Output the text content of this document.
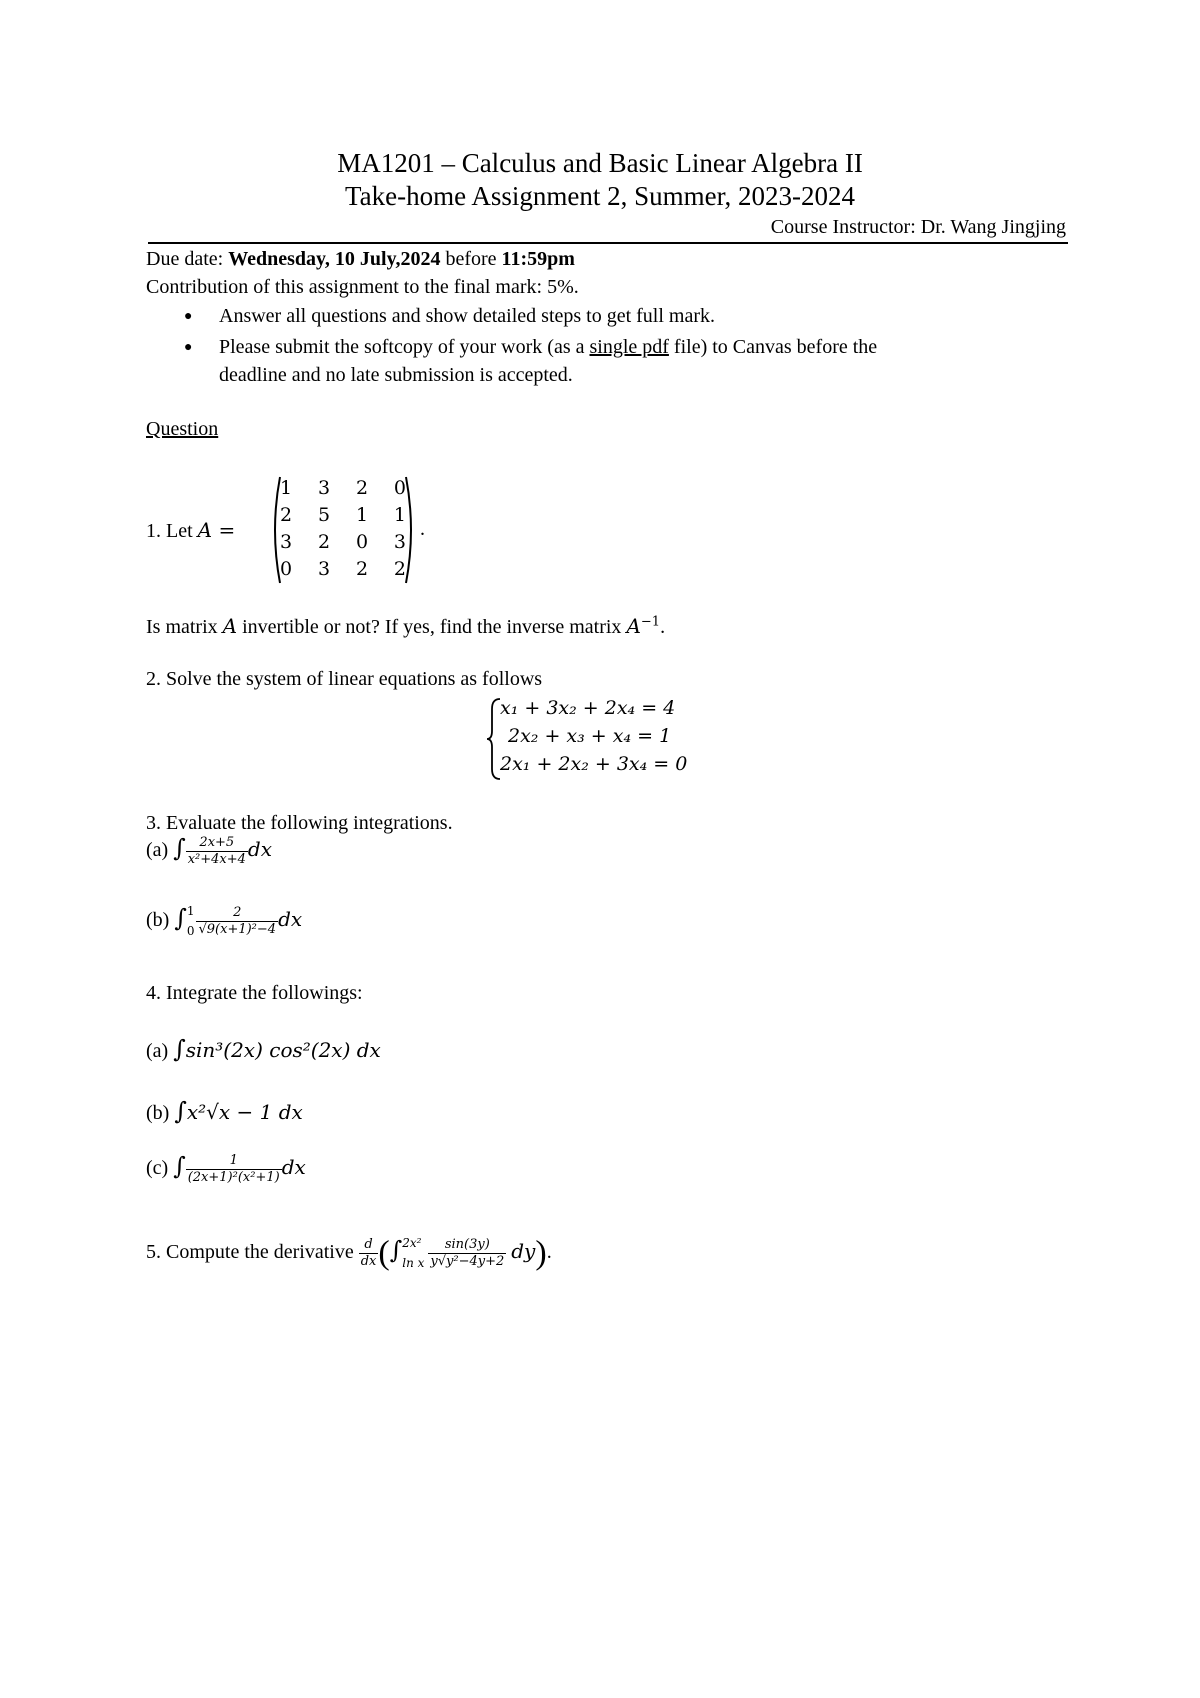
MA1201 – Calculus and Basic Linear Algebra II
Take-home Assignment 2, Summer, 2023-2024
Course Instructor: Dr. Wang Jingjing
Due date: Wednesday, 10 July,2024 before 11:59pm
Contribution of this assignment to the final mark: 5%.
● Answer all questions and show detailed steps to get full mark.
● Please submit the softcopy of your work (as a single pdf file) to Canvas before the
deadline and no late submission is accepted.
Question
1. Let A =
1 3 2 0
2 5 1 1
3 2 0 3
0 3 2 2
.
Is matrix A invertible or not? If yes, find the inverse matrix $A^{-1}$.
2. Solve the system of linear equations as follows
x₁ + 3x₂ + 2x₄ = 4
2x₂ + x₃ + x₄ = 1
2x₁ + 2x₂ + 3x₄ = 0
3. Evaluate the following integrations.
(a) ∫ $\frac{2x+5}{\text{x²+4x+4}}$ dx
(b) ∫ 1
$0 \frac{2}{\text{√9(x+1)²−4}}$ dx
4. Integrate the followings:
(a) ∫sin³(2x) cos²(2x) dx
(b) ∫x²√x − 1 dx
(c) ∫ $\frac{1}{\text{(2x+1)²(x²+1)}}$ dx
5. Compute the derivative $\frac{d}{dx}$ (∫ 2x²
ln x $\frac{\sin(3y)}{\text{y√y²−4y+2}} dy$).
